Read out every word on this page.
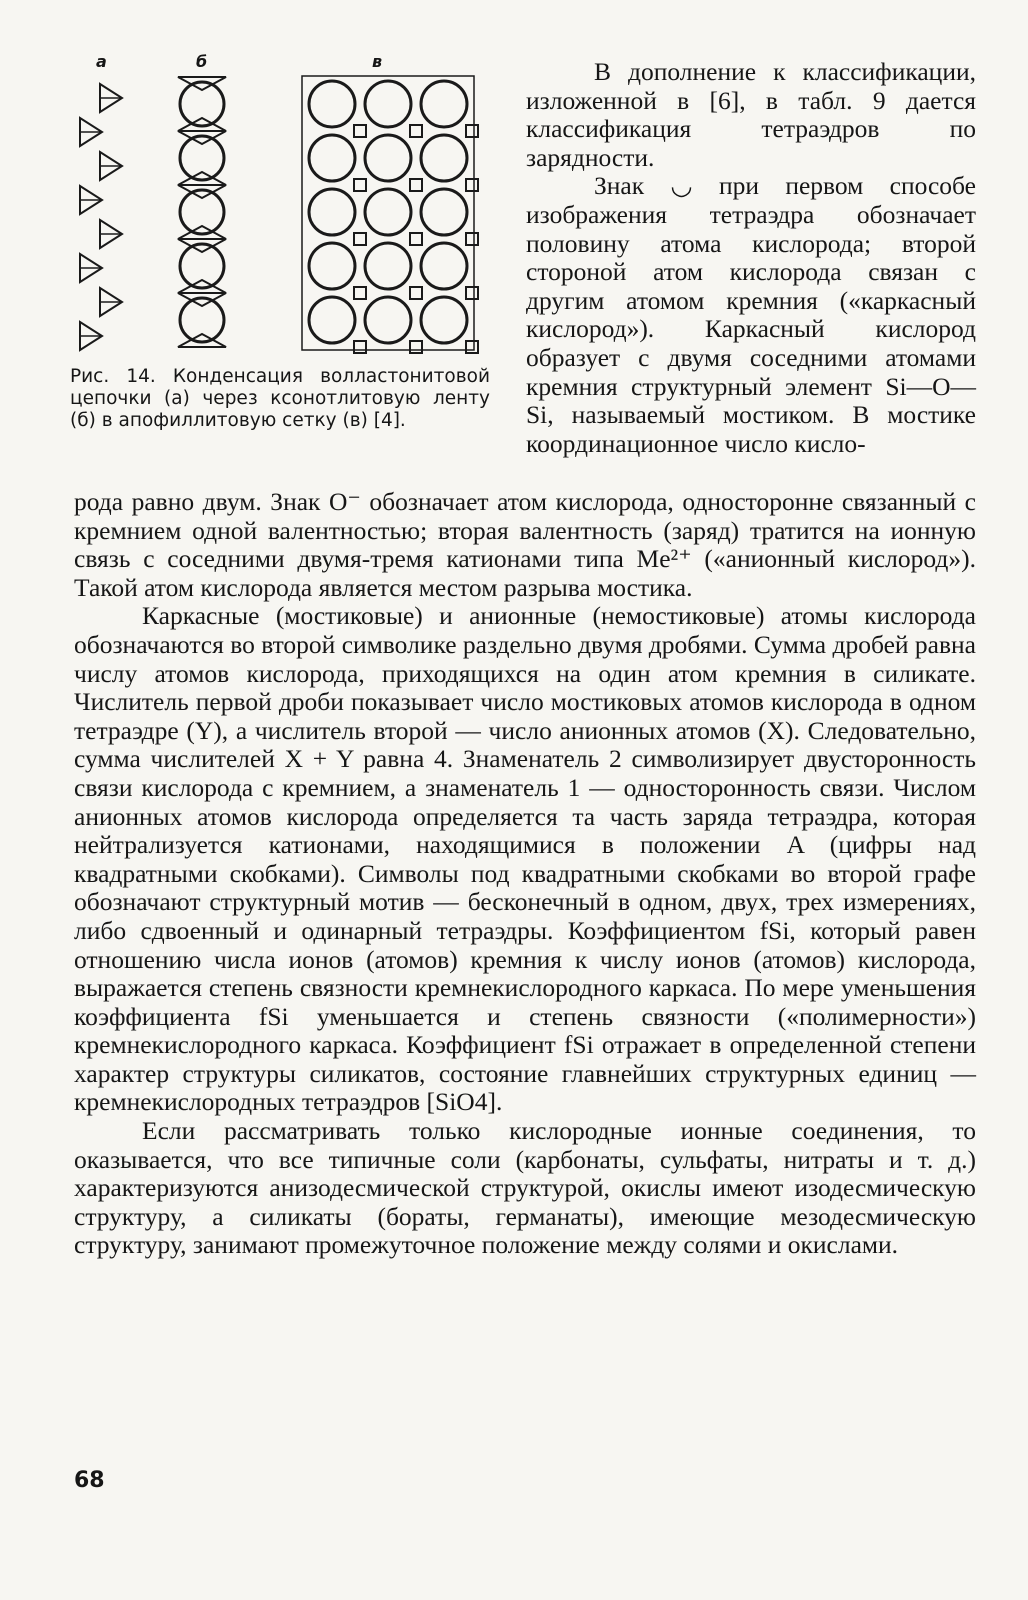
а	б	в
Рис. 14. Конденсация волластонитовой цепочки (а) через ксонотлитовую ленту (б) в апофиллитовую сетку (в) [4].

В дополнение к классификации, изложенной в [6], в табл. 9 дается классификация тетраэдров по зарядности.

Знак ◡ при первом способе изображения тетраэдра обозначает половину атома кислорода; второй стороной атом кислорода связан с другим атомом кремния («каркасный кислород»). Каркасный кислород образует с двумя соседними атомами кремния структурный элемент Si—O—Si, называемый мостиком. В мостике координационное число кисло-

рода равно двум. Знак O⁻ обозначает атом кислорода, односторонне связанный с кремнием одной валентностью; вторая валентность (заряд) тратится на ионную связь с соседними двумя-тремя катионами типа Me²⁺ («анионный кислород»). Такой атом кислорода является местом разрыва мостика.

Каркасные (мостиковые) и анионные (немостиковые) атомы кислорода обозначаются во второй символике раздельно двумя дробями. Сумма дробей равна числу атомов кислорода, приходящихся на один атом кремния в силикате. Числитель первой дроби показывает число мостиковых атомов кислорода в одном тетраэдре (Y), а числитель второй — число анионных атомов (X). Следовательно, сумма числителей X + Y равна 4. Знаменатель 2 символизирует двусторонность связи кислорода с кремнием, а знаменатель 1 — односторонность связи. Числом анионных атомов кислорода определяется та часть заряда тетраэдра, которая нейтрализуется катионами, находящимися в положении A (цифры над квадратными скобками). Символы под квадратными скобками во второй графе обозначают структурный мотив — бесконечный в одном, двух, трех измерениях, либо сдвоенный и одинарный тетраэдры. Коэффициентом fSi, который равен отношению числа ионов (атомов) кремния к числу ионов (атомов) кислорода, выражается степень связности кремнекислородного каркаса. По мере уменьшения коэффициента fSi уменьшается и степень связности («полимерности») кремнекислородного каркаса. Коэффициент fSi отражает в определенной степени характер структуры силикатов, состояние главнейших структурных единиц — кремнекислородных тетраэдров [SiO4].

Если рассматривать только кислородные ионные соединения, то оказывается, что все типичные соли (карбонаты, сульфаты, нитраты и т. д.) характеризуются анизодесмической структурой, окислы имеют изодесмическую структуру, а силикаты (бораты, германаты), имеющие мезодесмическую структуру, занимают промежуточное положение между солями и окислами.

68
